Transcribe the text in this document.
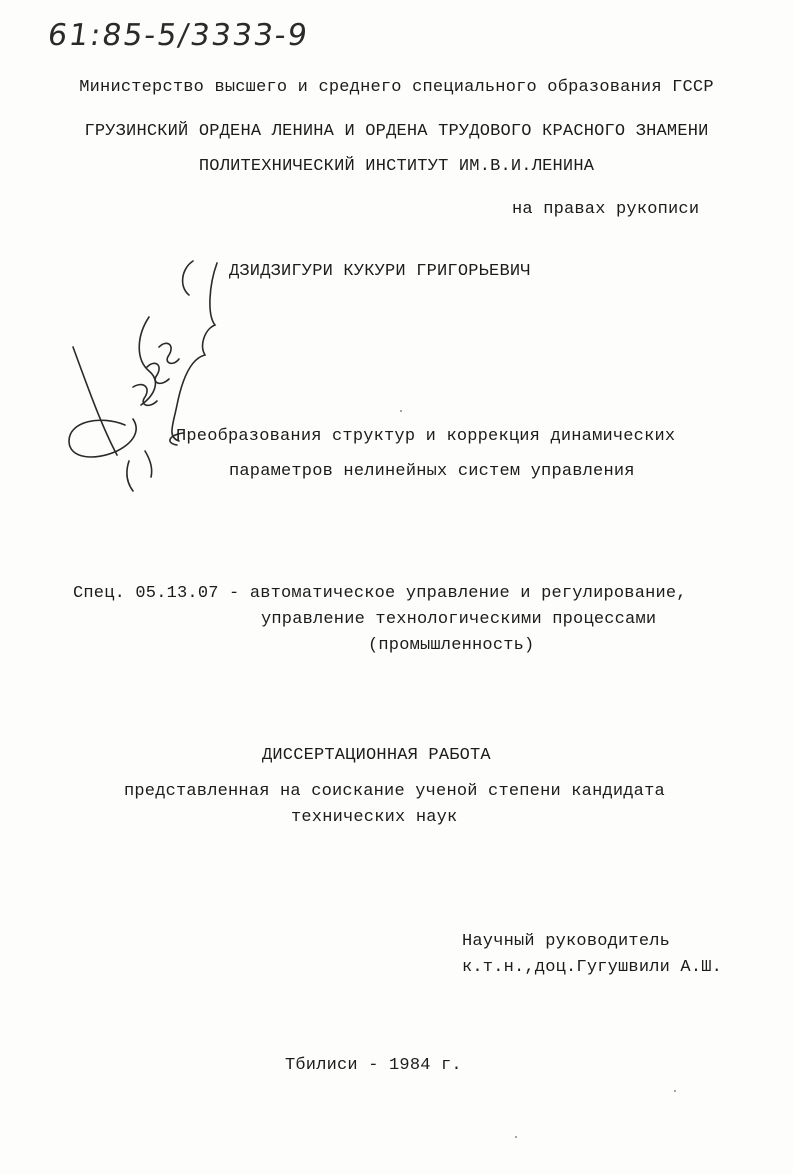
61:85-5/3333-9
Министерство высшего и среднего специального образования ГССР
ГРУЗИНСКИЙ ОРДЕНА ЛЕНИНА И ОРДЕНА ТРУДОВОГО КРАСНОГО ЗНАМЕНИ
ПОЛИТЕХНИЧЕСКИЙ ИНСТИТУТ ИМ.В.И.ЛЕНИНА
на правах рукописи
ДЗИДЗИГУРИ КУКУРИ ГРИГОРЬЕВИЧ
Преобразования структур и коррекция динамических
параметров нелинейных систем управления
Спец. 05.13.07 - автоматическое управление и регулирование,
управление технологическими процессами
(промышленность)
ДИССЕРТАЦИОННАЯ РАБОТА
представленная на соискание ученой степени кандидата
технических наук
Научный руководитель
к.т.н.,доц.Гугушвили А.Ш.
Тбилиси - 1984 г.
